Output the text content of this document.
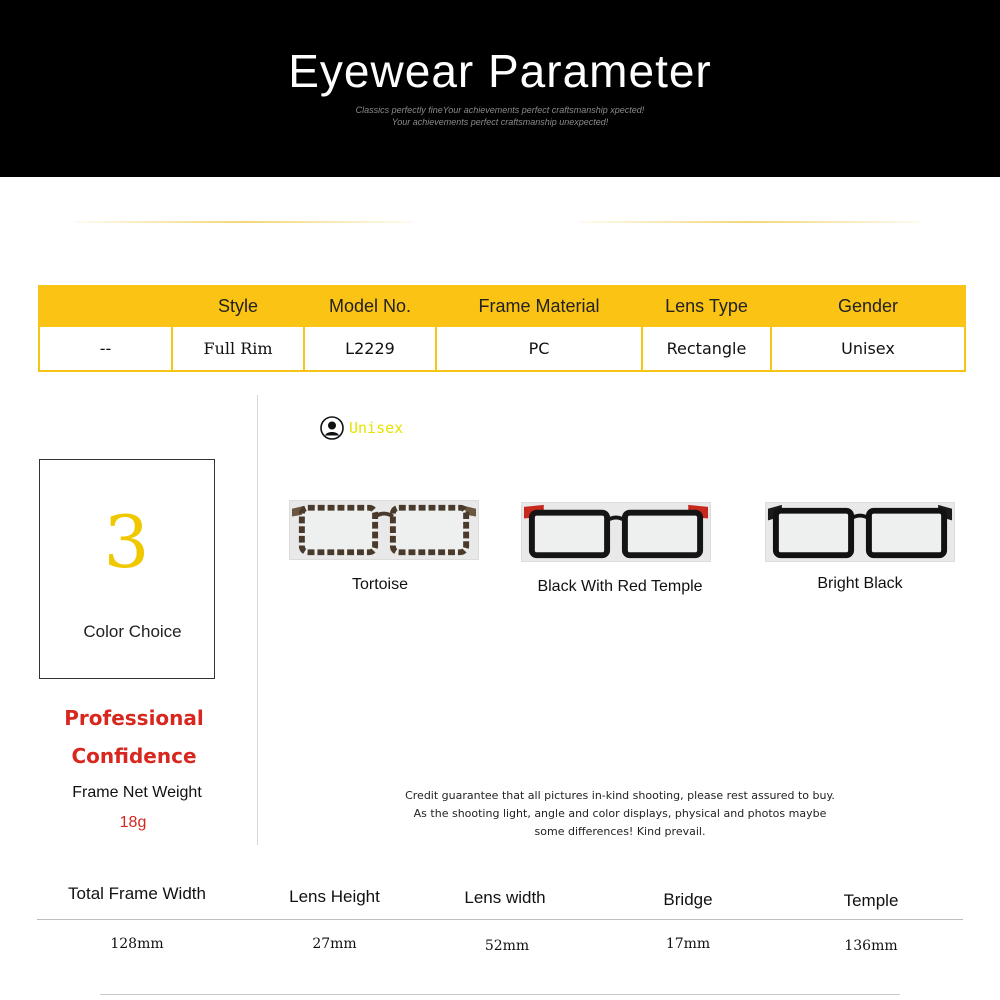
Eyewear Parameter
Classics perfectly fineYour achievements perfect craftsmanship xpected!
Your achievements perfect craftsmanship unexpected!
	Style	Model No.	Frame Material	Lens Type	Gender
--	Full Rim	L2229	PC	Rectangle	Unisex
3
Color Choice
Professional
Confidence
Frame Net Weight
18g
Unisex
Tortoise	Black With Red Temple	Bright Black
Credit guarantee that all pictures in-kind shooting, please rest assured to buy.
As the shooting light, angle and color displays, physical and photos maybe
some differences! Kind prevail.
Total Frame Width	Lens Height	Lens width	Bridge	Temple
128mm	27mm	52mm	17mm	136mm
